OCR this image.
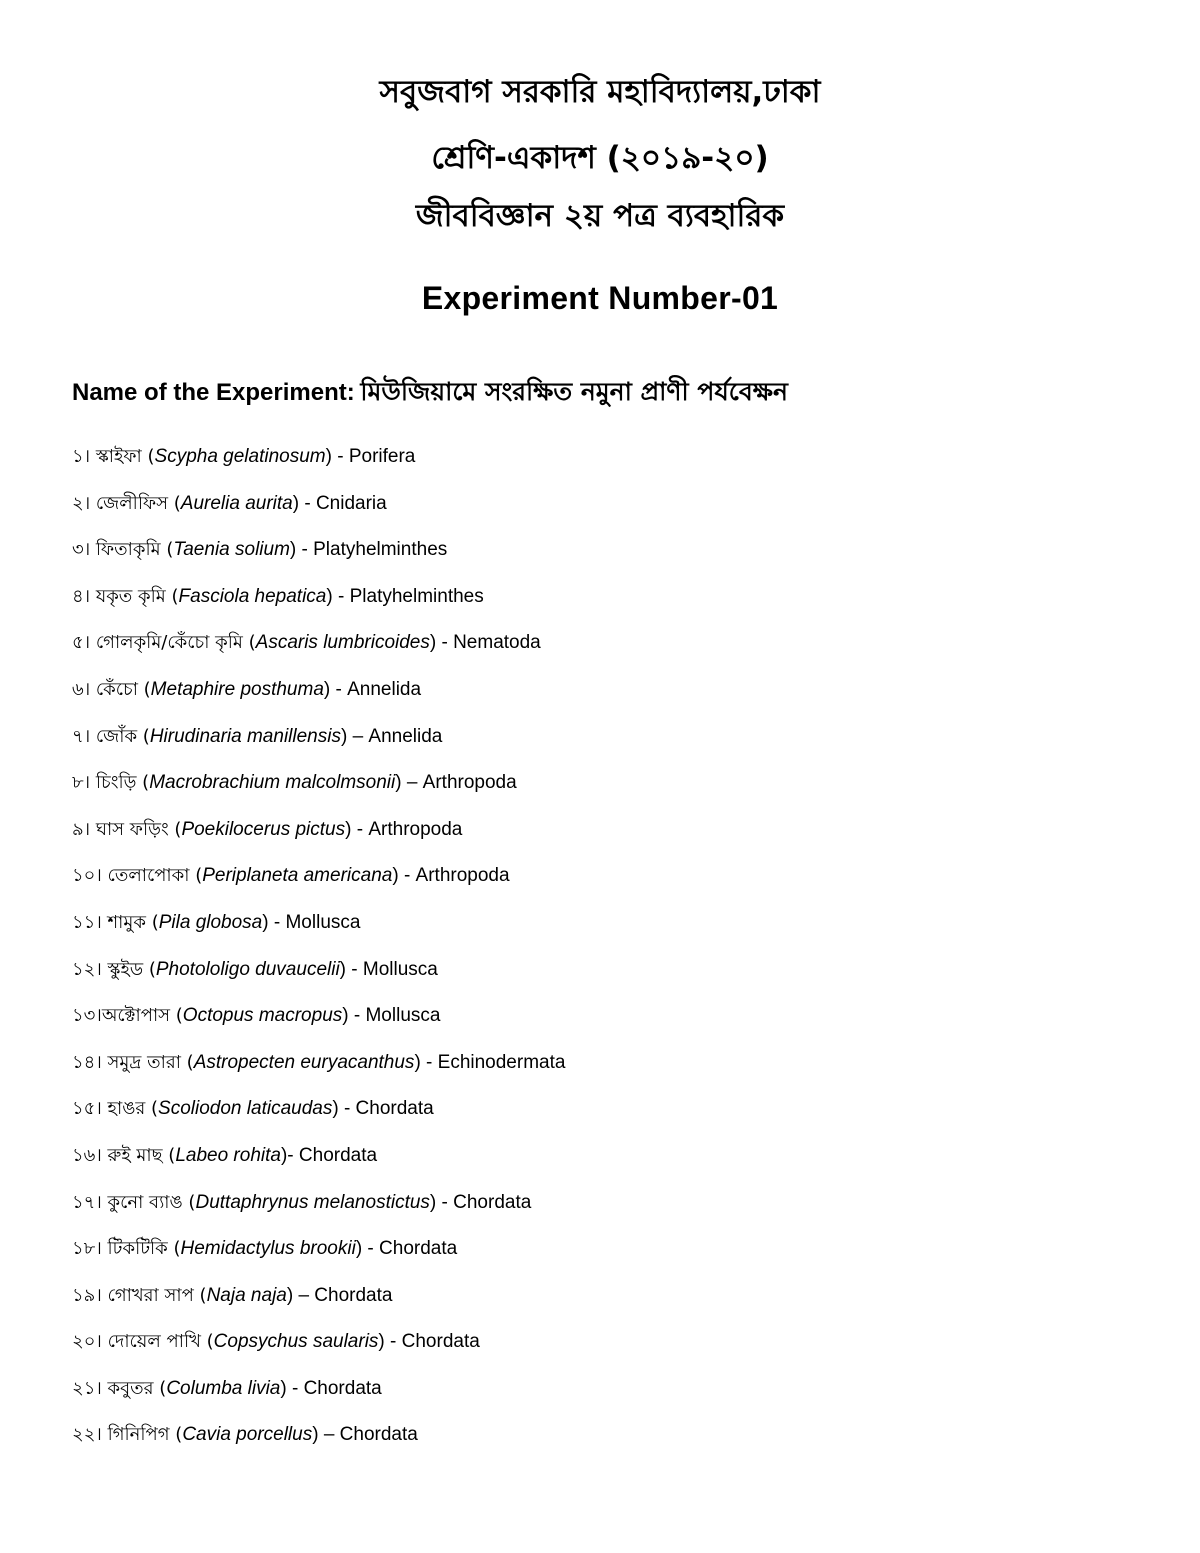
সবুজবাগ সরকারি মহাবিদ্যালয়,ঢাকা
শ্রেণি-একাদশ (২০১৯-২০)
জীববিজ্ঞান ২য় পত্র ব্যবহারিক
Experiment Number-01
Name of the Experiment: মিউজিয়ামে সংরক্ষিত নমুনা প্রাণী পর্যবেক্ষন
১। স্কাইফা (Scypha gelatinosum) - Porifera
২। জেলীফিস (Aurelia aurita) - Cnidaria
৩। ফিতাকৃমি (Taenia solium) - Platyhelminthes
৪। যকৃত কৃমি (Fasciola hepatica) - Platyhelminthes
৫। গোলকৃমি/কেঁচো কৃমি (Ascaris lumbricoides) - Nematoda
৬। কেঁচো (Metaphire posthuma) - Annelida
৭। জোঁক (Hirudinaria manillensis) – Annelida
৮। চিংড়ি (Macrobrachium malcolmsonii) – Arthropoda
৯। ঘাস ফড়িং (Poekilocerus pictus) - Arthropoda
১০। তেলাপোকা (Periplaneta americana) - Arthropoda
১১। শামুক (Pila globosa) - Mollusca
১২। স্কুইড (Photololigo duvaucelii) - Mollusca
১৩।অক্টোপাস (Octopus macropus) - Mollusca
১৪। সমুদ্র তারা (Astropecten euryacanthus) - Echinodermata
১৫। হাঙর (Scoliodon laticaudas) - Chordata
১৬। রুই মাছ (Labeo rohita)- Chordata
১৭। কুনো ব্যাঙ (Duttaphrynus melanostictus) - Chordata
১৮। টিকটিকি (Hemidactylus brookii) - Chordata
১৯। গোখরা সাপ (Naja naja) – Chordata
২০। দোয়েল পাখি (Copsychus saularis) - Chordata
২১। কবুতর (Columba livia) - Chordata
২২। গিনিপিগ (Cavia porcellus) – Chordata
